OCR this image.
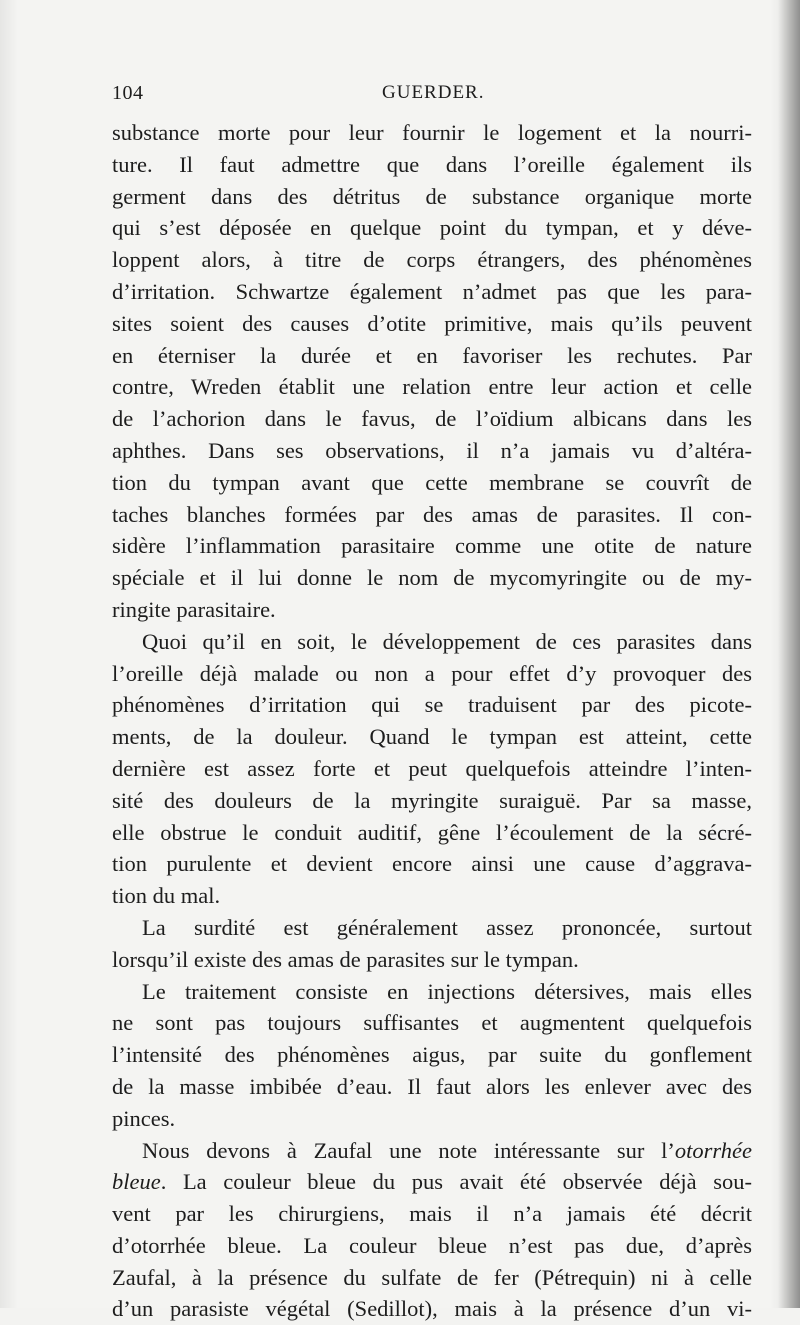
104	GUERDER.
substance morte pour leur fournir le logement et la nourri-
ture. Il faut admettre que dans l’oreille également ils
germent dans des détritus de substance organique morte
qui s’est déposée en quelque point du tympan, et y déve-
loppent alors, à titre de corps étrangers, des phénomènes
d’irritation. Schwartze également n’admet pas que les para-
sites soient des causes d’otite primitive, mais qu’ils peuvent
en éterniser la durée et en favoriser les rechutes. Par
contre, Wreden établit une relation entre leur action et celle
de l’achorion dans le favus, de l’oïdium albicans dans les
aphthes. Dans ses observations, il n’a jamais vu d’altéra-
tion du tympan avant que cette membrane se couvrît de
taches blanches formées par des amas de parasites. Il con-
sidère l’inflammation parasitaire comme une otite de nature
spéciale et il lui donne le nom de mycomyringite ou de my-
ringite parasitaire.
Quoi qu’il en soit, le développement de ces parasites dans
l’oreille déjà malade ou non a pour effet d’y provoquer des
phénomènes d’irritation qui se traduisent par des picote-
ments, de la douleur. Quand le tympan est atteint, cette
dernière est assez forte et peut quelquefois atteindre l’inten-
sité des douleurs de la myringite suraiguë. Par sa masse,
elle obstrue le conduit auditif, gêne l’écoulement de la sécré-
tion purulente et devient encore ainsi une cause d’aggrava-
tion du mal.
La surdité est généralement assez prononcée, surtout
lorsqu’il existe des amas de parasites sur le tympan.
Le traitement consiste en injections détersives, mais elles
ne sont pas toujours suffisantes et augmentent quelquefois
l’intensité des phénomènes aigus, par suite du gonflement
de la masse imbibée d’eau. Il faut alors les enlever avec des
pinces.
Nous devons à Zaufal une note intéressante sur l’otorrhée
bleue. La couleur bleue du pus avait été observée déjà sou-
vent par les chirurgiens, mais il n’a jamais été décrit
d’otorrhée bleue. La couleur bleue n’est pas due, d’après
Zaufal, à la présence du sulfate de fer (Pétrequin) ni à celle
d’un parasiste végétal (Sedillot), mais à la présence d’un vi-
